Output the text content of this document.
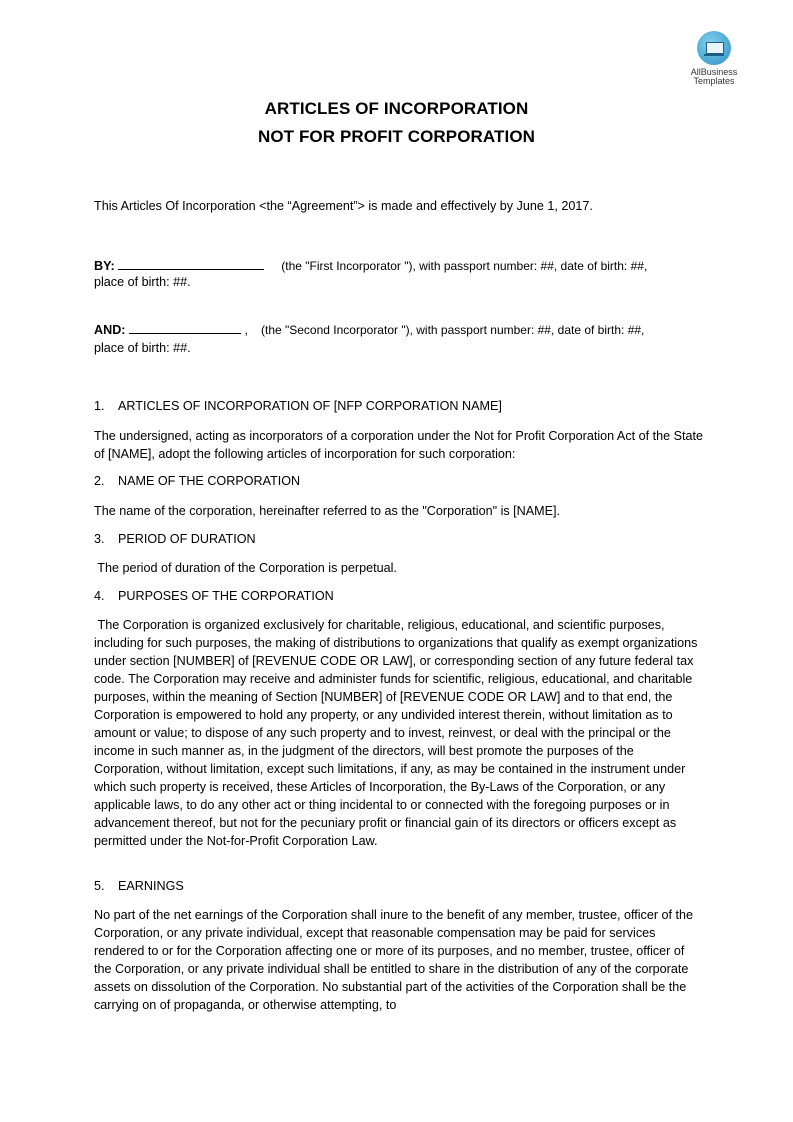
AllBusiness
Templates
ARTICLES OF INCORPORATION
NOT FOR PROFIT CORPORATION
This Articles Of Incorporation <the “Agreement”> is made and effectively by June 1, 2017.
BY:	(the "First Incorporator "), with passport number: ##, date of birth: ##,
place of birth: ##.
AND:	, (the "Second Incorporator "), with passport number: ##, date of birth: ##,
place of birth: ##.
1. ARTICLES OF INCORPORATION OF [NFP CORPORATION NAME]
The undersigned, acting as incorporators of a corporation under the Not for Profit Corporation Act of the State of [NAME], adopt the following articles of incorporation for such corporation:
2. NAME OF THE CORPORATION
The name of the corporation, hereinafter referred to as the "Corporation" is [NAME].
3. PERIOD OF DURATION
The period of duration of the Corporation is perpetual.
4. PURPOSES OF THE CORPORATION
The Corporation is organized exclusively for charitable, religious, educational, and scientific purposes, including for such purposes, the making of distributions to organizations that qualify as exempt organizations under section [NUMBER] of [REVENUE CODE OR LAW], or corresponding section of any future federal tax code. The Corporation may receive and administer funds for scientific, religious, educational, and charitable purposes, within the meaning of Section [NUMBER] of [REVENUE CODE OR LAW] and to that end, the Corporation is empowered to hold any property, or any undivided interest therein, without limitation as to amount or value; to dispose of any such property and to invest, reinvest, or deal with the principal or the income in such manner as, in the judgment of the directors, will best promote the purposes of the Corporation, without limitation, except such limitations, if any, as may be contained in the instrument under which such property is received, these Articles of Incorporation, the By-Laws of the Corporation, or any applicable laws, to do any other act or thing incidental to or connected with the foregoing purposes or in advancement thereof, but not for the pecuniary profit or financial gain of its directors or officers except as permitted under the Not-for-Profit Corporation Law.
5. EARNINGS
No part of the net earnings of the Corporation shall inure to the benefit of any member, trustee, officer of the Corporation, or any private individual, except that reasonable compensation may be paid for services rendered to or for the Corporation affecting one or more of its purposes, and no member, trustee, officer of the Corporation, or any private individual shall be entitled to share in the distribution of any of the corporate assets on dissolution of the Corporation. No substantial part of the activities of the Corporation shall be the carrying on of propaganda, or otherwise attempting, to
